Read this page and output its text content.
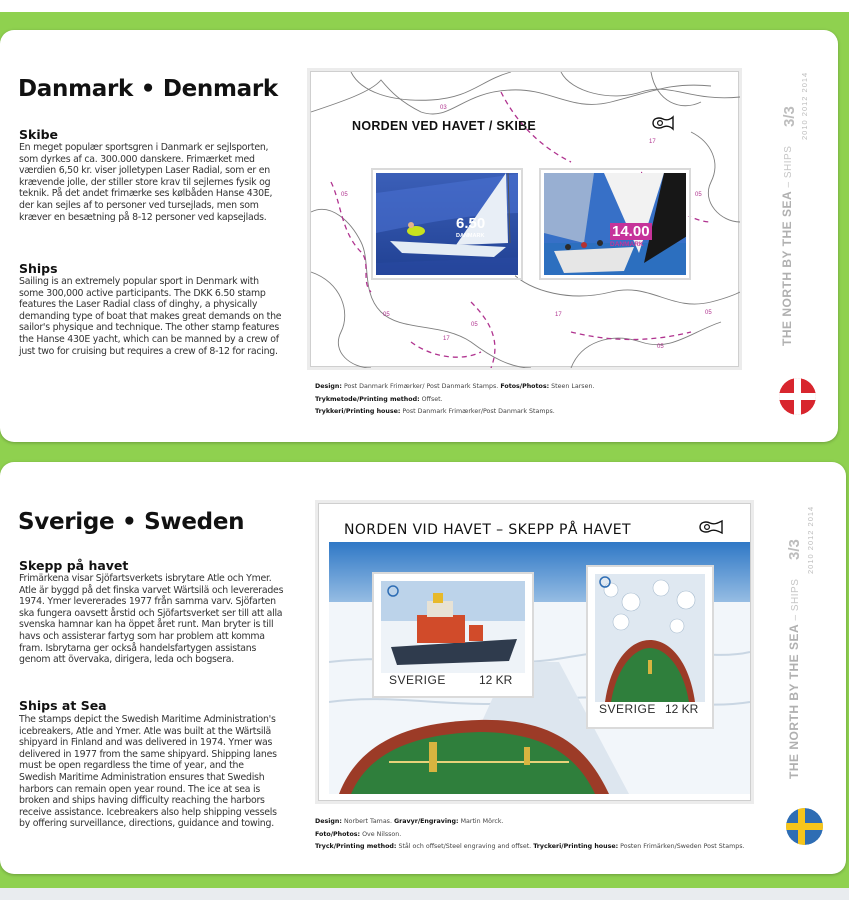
Danmark • Denmark
Skibe
En meget populær sportsgren i Danmark er sejlsporten, som dyrkes af ca. 300.000 danskere. Frimærket med værdien 6,50 kr. viser jolletypen Laser Radial, som er en krævende jolle, der stiller store krav til sejlernes fysik og teknik. På det andet frimærke ses kølbåden Hanse 430E, der kan sejles af to personer ved tursejlads, men som kræver en besætning på 8-12 personer ved kapsejlads.
Ships
Sailing is an extremely popular sport in Denmark with some 300,000 active participants. The DKK 6.50 stamp features the Laser Radial class of dinghy, a physically demanding type of boat that makes great demands on the sailor's physique and technique. The other stamp features the Hanse 430E yacht, which can be manned by a crew of just two for cruising but requires a crew of 8-12 for racing.
Design: Post Danmark Frimærker/ Post Danmark Stamps. Fotos/Photos: Steen Larsen.
Trykmetode/Printing method: Offset.
Trykkeri/Printing house: Post Danmark Frimærker/Post Danmark Stamps.
THE NORTH BY THE SEA – SHIPS
3/3 2010 2012 2014
NORDEN VED HAVET / SKIBE
6.50
DANMARK	14.00
DANMARK
03
17
05	05
05
17	05
05
17
05
Sverige • Sweden
Skepp på havet
Frimärkena visar Sjöfartsverkets isbrytare Atle och Ymer. Atle är byggd på det finska varvet Wärtsilä och levererades 1974. Ymer levererades 1977 från samma varv. Sjöfarten ska fungera oavsett årstid och Sjöfartsverket ser till att alla svenska hamnar kan ha öppet året runt. Man bryter is till havs och assisterar fartyg som har problem att komma fram. Isbrytarna ger också handelsfartygen assistans genom att övervaka, dirigera, leda och bogsera.
Ships at Sea
The stamps depict the Swedish Maritime Administration's icebreakers, Atle and Ymer. Atle was built at the Wärtsilä shipyard in Finland and was delivered in 1974. Ymer was delivered in 1977 from the same shipyard. Shipping lanes must be open regardless the time of year, and the Swedish Maritime Administration ensures that Swedish harbors can remain open year round. The ice at sea is broken and ships having difficulty reaching the harbors receive assistance. Icebreakers also help shipping vessels by offering surveillance, directions, guidance and towing.	Design: Norbert Tamas. Gravyr/Engraving: Martin Mörck.
Foto/Photos: Ove Nilsson.
Tryck/Printing method: Stål och offset/Steel engraving and offset. Tryckeri/Printing house: Posten Frimärken/Sweden Post Stamps.
THE NORTH BY THE SEA – SHIPS
3/3 2010 2012 2014
NORDEN VID HAVET – SKEPP PÅ HAVET
SVERIGE	12 KR
SVERIGE 12 KR
